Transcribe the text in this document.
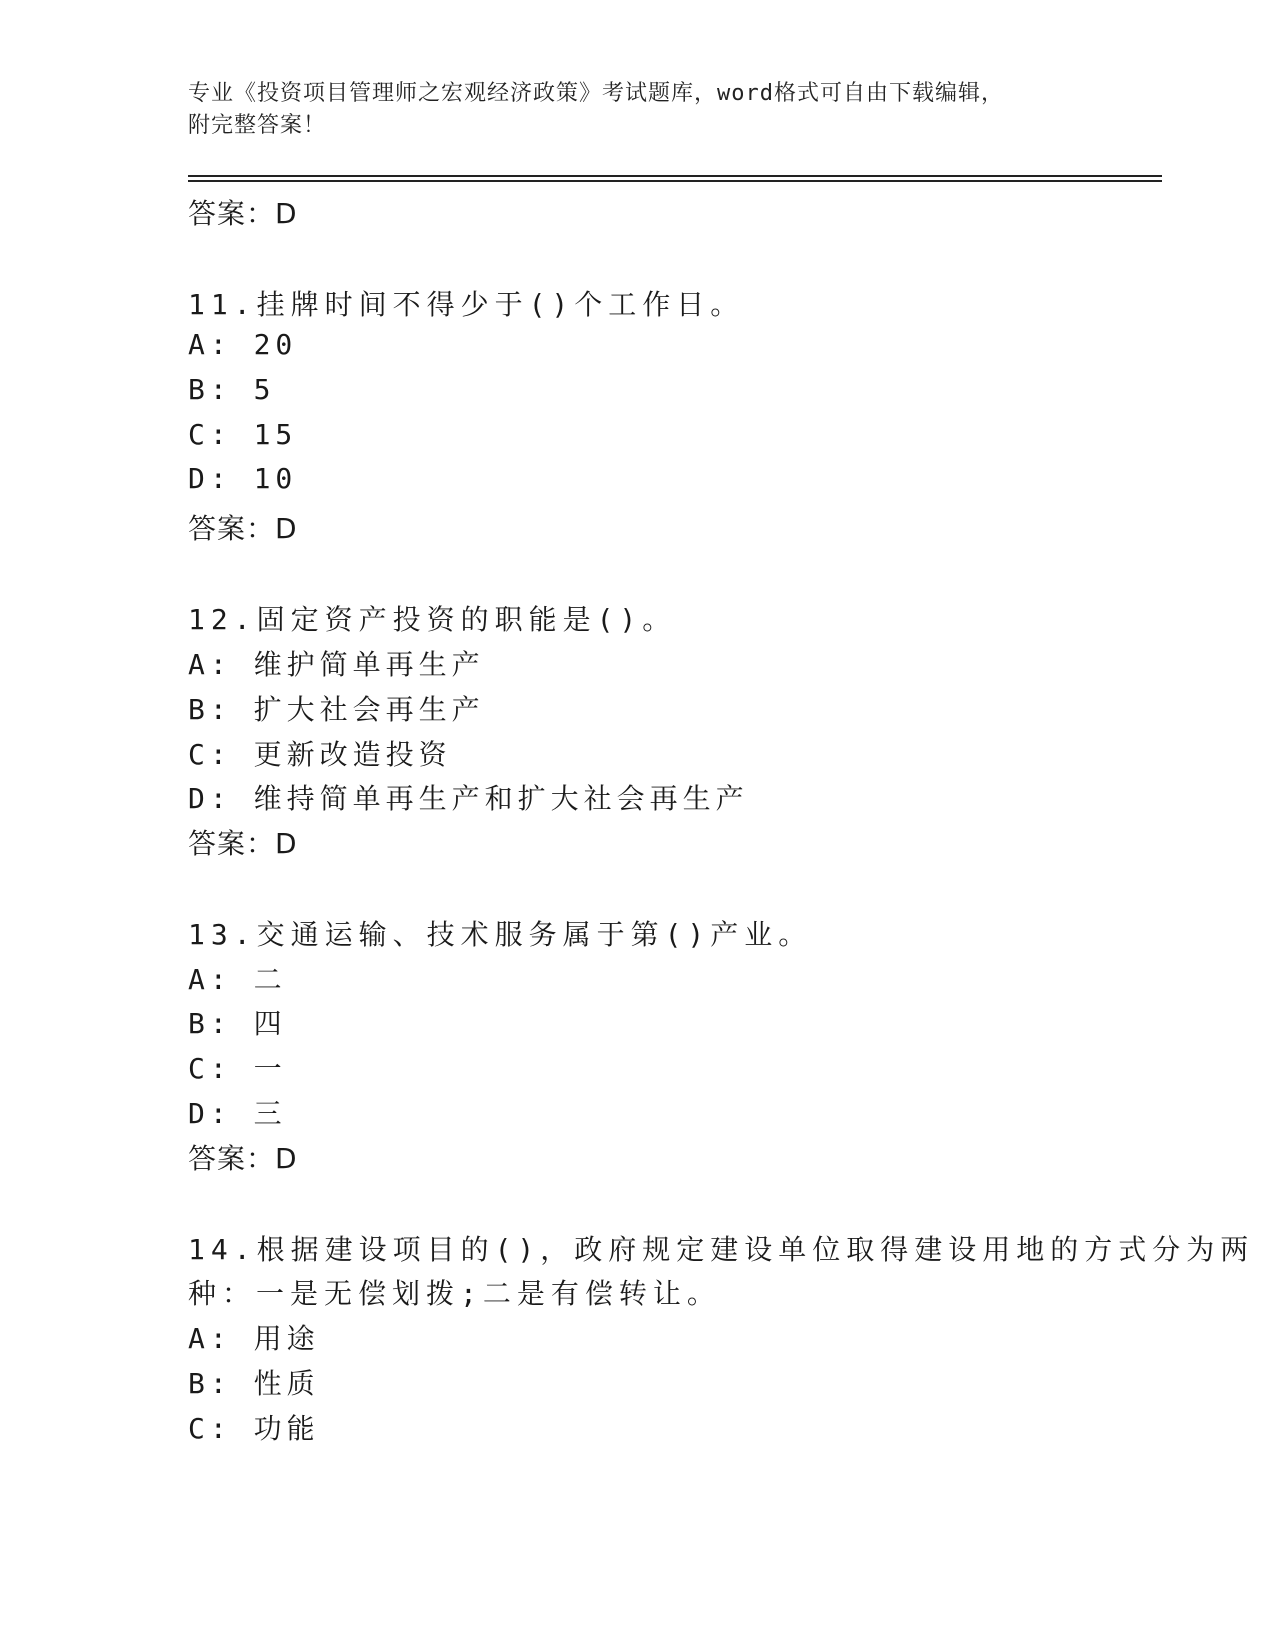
专业《投资项目管理师之宏观经济政策》考试题库，word格式可自由下载编辑，
附完整答案！
答案：D
11.挂牌时间不得少于()个工作日。
A: 20
B: 5
C: 15
D: 10
答案：D
12.固定资产投资的职能是()。
A: 维护简单再生产
B: 扩大社会再生产
C: 更新改造投资
D: 维持简单再生产和扩大社会再生产
答案：D
13.交通运输、技术服务属于第()产业。
A: 二
B: 四
C: 一
D: 三
答案：D
14.根据建设项目的()，政府规定建设单位取得建设用地的方式分为两
种：一是无偿划拨;二是有偿转让。
A: 用途
B: 性质
C: 功能
